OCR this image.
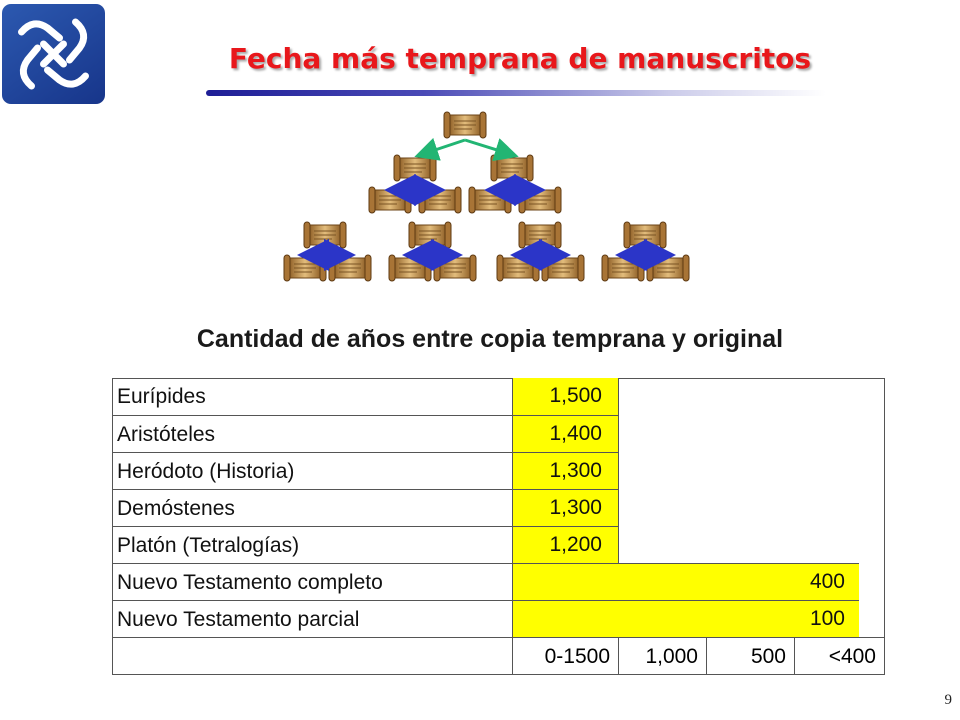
Fecha más temprana de manuscritos
Cantidad de años entre copia temprana y original
Eurípides	1,500
Aristóteles	1,400
Heródoto (Historia)	1,300
Demóstenes	1,300
Platón (Tetralogías)	1,200
Nuevo Testamento completo	400
Nuevo Testamento parcial	100
0-1500	1,000	500	<400
9
